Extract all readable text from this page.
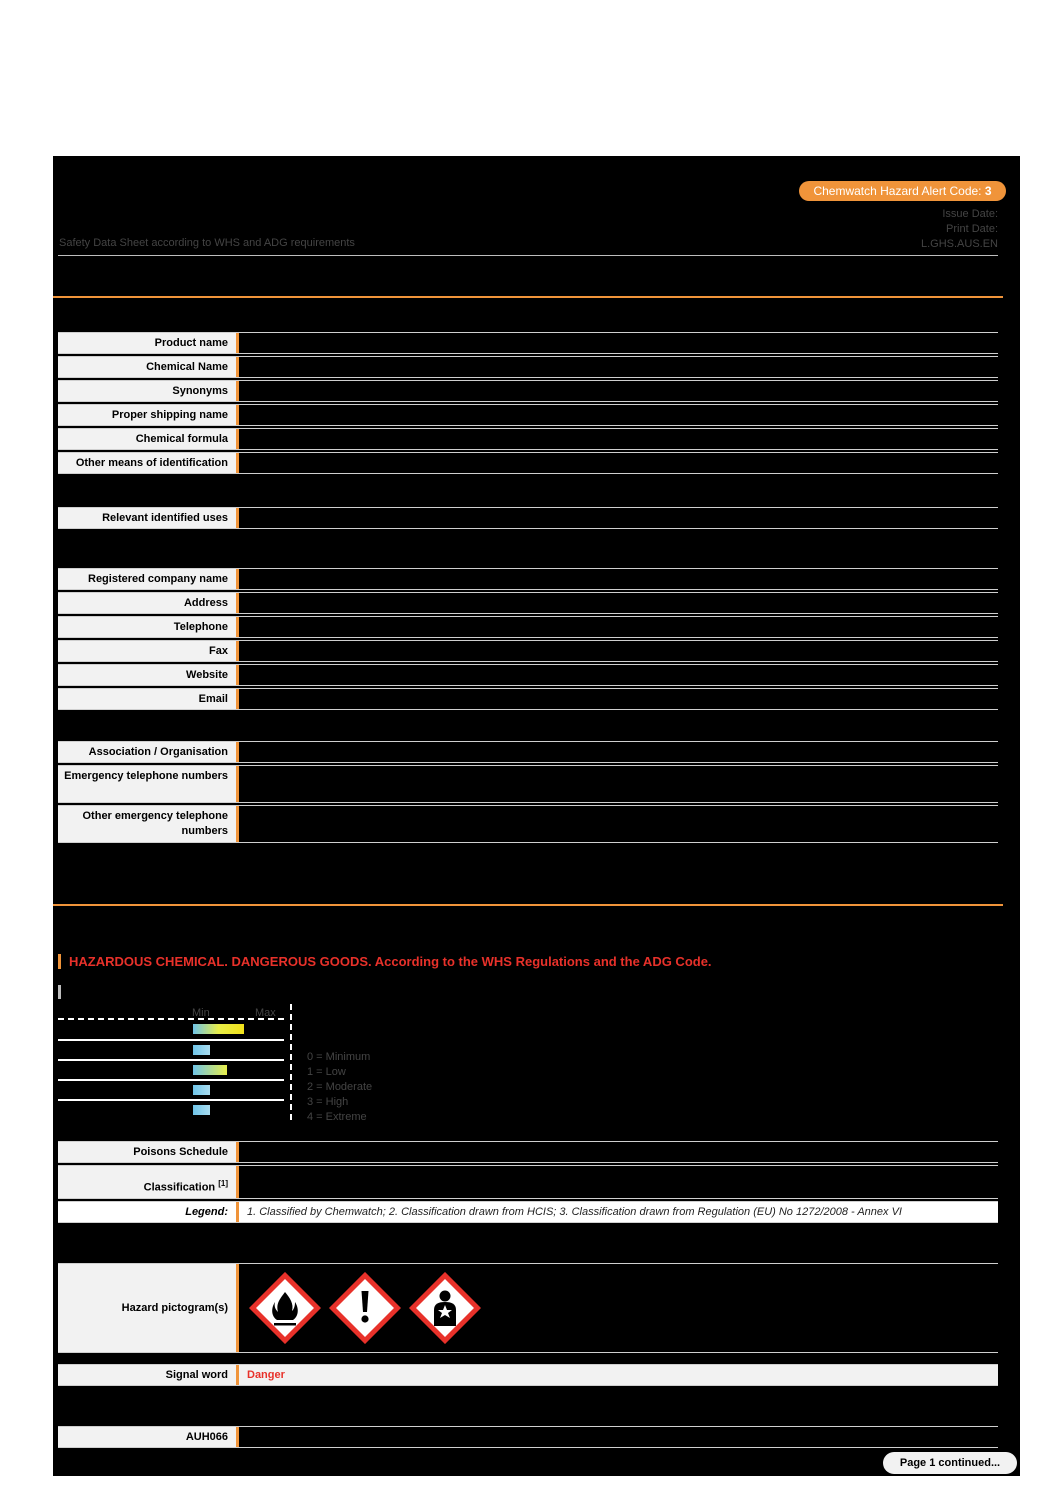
Chemwatch Hazard Alert Code: 3
Issue Date:
Print Date:
L.GHS.AUS.EN
Safety Data Sheet according to WHS and ADG requirements
Product name
Chemical Name
Synonyms
Proper shipping name
Chemical formula
Other means of identification
Relevant identified uses
Registered company name
Address
Telephone
Fax
Website
Email
Association / Organisation
Emergency telephone numbers
Other emergency telephone numbers
HAZARDOUS CHEMICAL. DANGEROUS GOODS. According to the WHS Regulations and the ADG Code.
Min	Max
0 = Minimum
1 = Low
2 = Moderate
3 = High
4 = Extreme
Poisons Schedule
Classification [1]
Legend:	1. Classified by Chemwatch; 2. Classification drawn from HCIS; 3. Classification drawn from Regulation (EU) No 1272/2008 - Annex VI
Hazard pictogram(s)
Signal word	Danger
AUH066
Page 1 continued...
